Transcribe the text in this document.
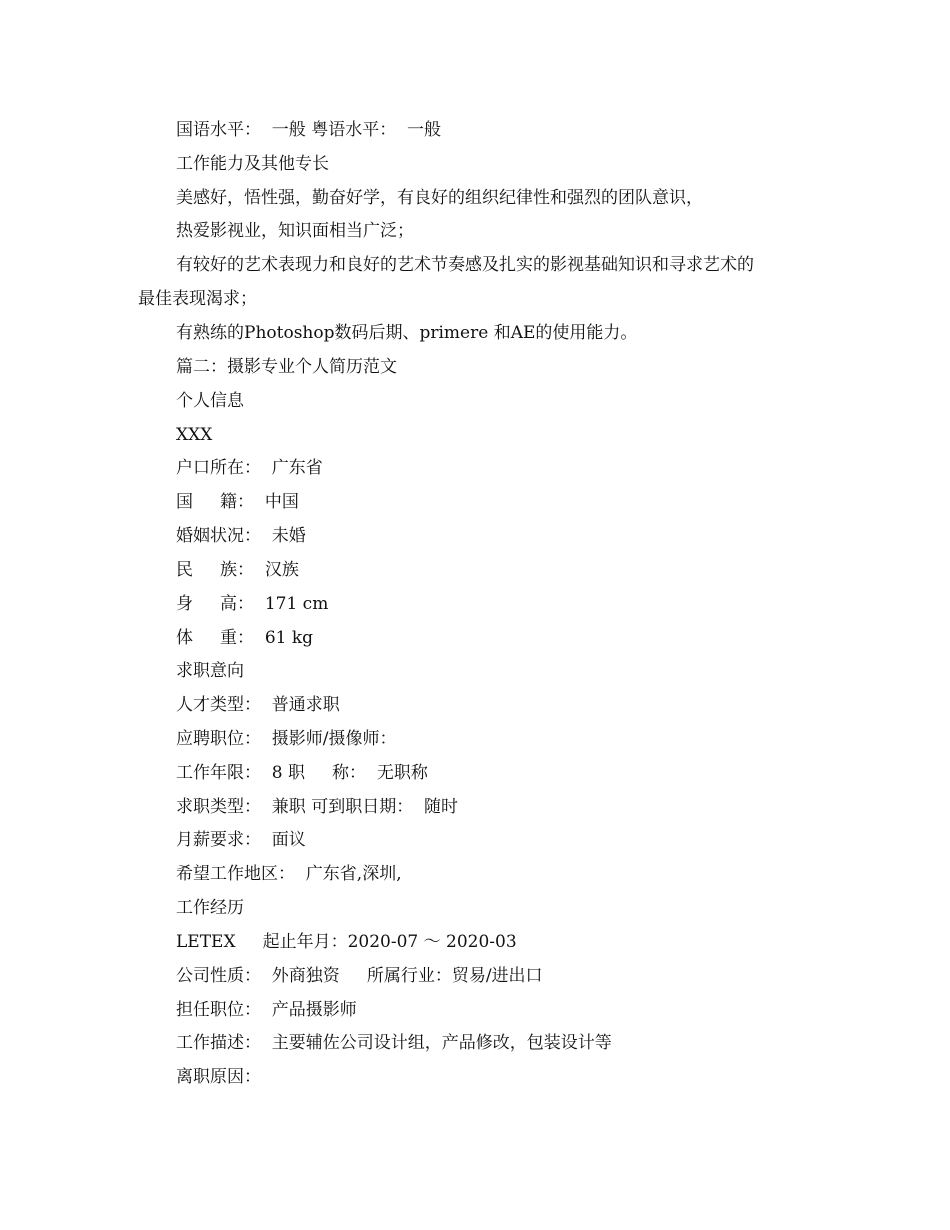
国语水平：  一般 粤语水平：  一般
工作能力及其他专长
美感好，悟性强，勤奋好学，有良好的组织纪律性和强烈的团队意识，
热爱影视业，知识面相当广泛；
有较好的艺术表现力和良好的艺术节奏感及扎实的影视基础知识和寻求艺术的
最佳表现渴求；
有熟练的Photoshop数码后期、primere 和AE的使用能力。
篇二：摄影专业个人简历范文
个人信息
XXX
户口所在：  广东省
国     籍：  中国
婚姻状况：  未婚
民     族：  汉族
身     高：  171 cm
体     重：  61 kg
求职意向
人才类型：  普通求职
应聘职位：  摄影师/摄像师：
工作年限：  8 职     称：  无职称
求职类型：  兼职 可到职日期：  随时
月薪要求：  面议
希望工作地区：  广东省,深圳,
工作经历
LETEX     起止年月：2020-07 ～ 2020-03
公司性质：  外商独资     所属行业：贸易/进出口
担任职位：  产品摄影师
工作描述：  主要辅佐公司设计组，产品修改，包装设计等
离职原因：
